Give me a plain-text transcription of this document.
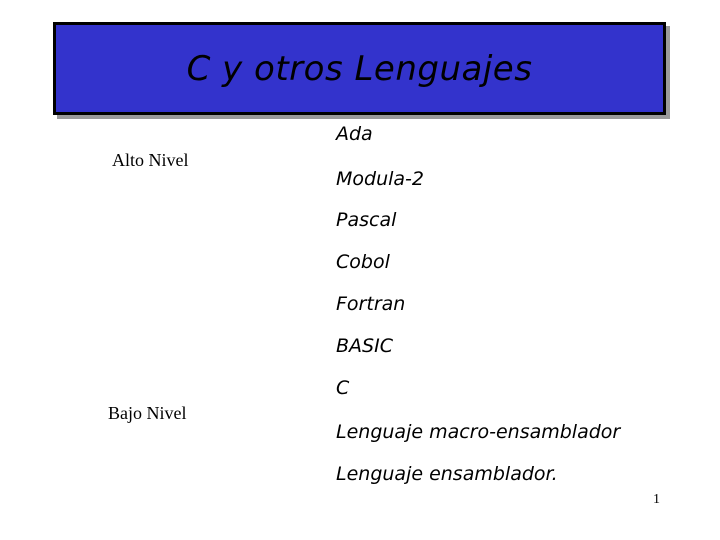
C y otros Lenguajes
Alto Nivel
Bajo Nivel
Ada
Modula-2
Pascal
Cobol
Fortran
BASIC
C
Lenguaje macro-ensamblador
Lenguaje ensamblador.
1
